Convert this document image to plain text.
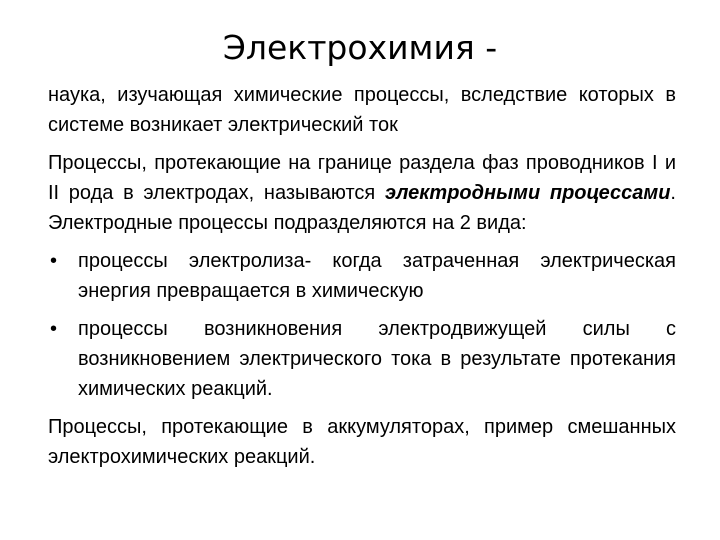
Электрохимия -

наука, изучающая химические процессы, вследствие которых в системе возникает электрический ток

Процессы, протекающие на границе раздела фаз проводников I и II рода в электродах, называются электродными процессами. Электродные процессы подразделяются на 2 вида:

• процессы электролиза- когда затраченная электрическая энергия превращается в химическую
• процессы возникновения электродвижущей силы с возникновением электрического тока в результате протекания химических реакций.

Процессы, протекающие в аккумуляторах, пример смешанных электрохимических реакций.
